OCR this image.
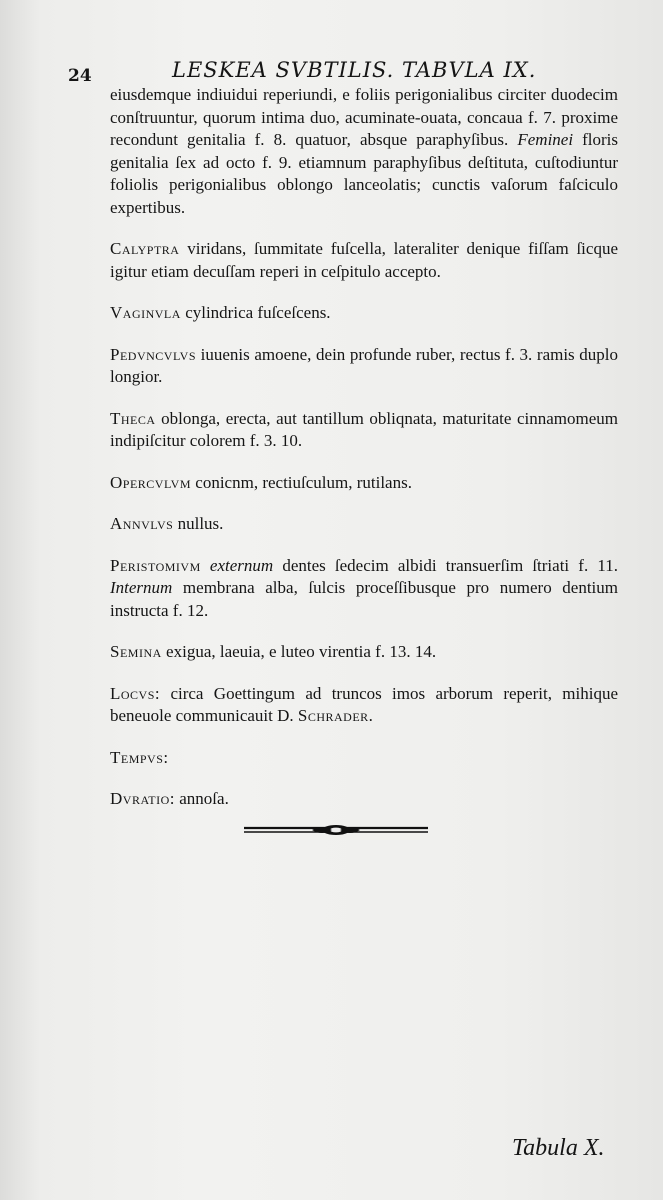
24	LESKEA SVBTILIS. TABVLA IX.

eiusdemque indiuidui reperiundi, e foliis perigonialibus circiter duodecim conſtruuntur, quorum intima duo, acuminate-ouata, concaua f. 7. proxime recondunt genitalia f. 8. quatuor, absque paraphyſibus. Feminei floris genitalia ſex ad octo f. 9. etiamnum paraphyſibus deſtituta, cuſtodiuntur foliolis perigonialibus oblongo lanceolatis; cunctis vaſorum faſciculo expertibus.

Calyptra viridans, ſummitate fuſcella, lateraliter denique fiſſam ſicque igitur etiam decuſſam reperi in ceſpitulo accepto.

Vaginvla cylindrica fuſceſcens.

Pedvncvlvs iuuenis amoene, dein profunde ruber, rectus f. 3. ramis duplo longior.

Theca oblonga, erecta, aut tantillum obliqnata, maturitate cinnamomeum indipiſcitur colorem f. 3. 10.

Opercvlvm conicnm, rectiuſculum, rutilans.

Annvlvs nullus.

Peristomivm externum dentes ſedecim albidi transuerſim ſtriati f. 11. Internum membrana alba, ſulcis proceſſibusque pro numero dentium instructa f. 12.

Semina exigua, laeuia, e luteo virentia f. 13. 14.

Locvs: circa Goettingum ad truncos imos arborum reperit, mihique beneuole communicauit D. Schrader.

Tempvs:

Dvratio: annoſa.

Tabula X.
